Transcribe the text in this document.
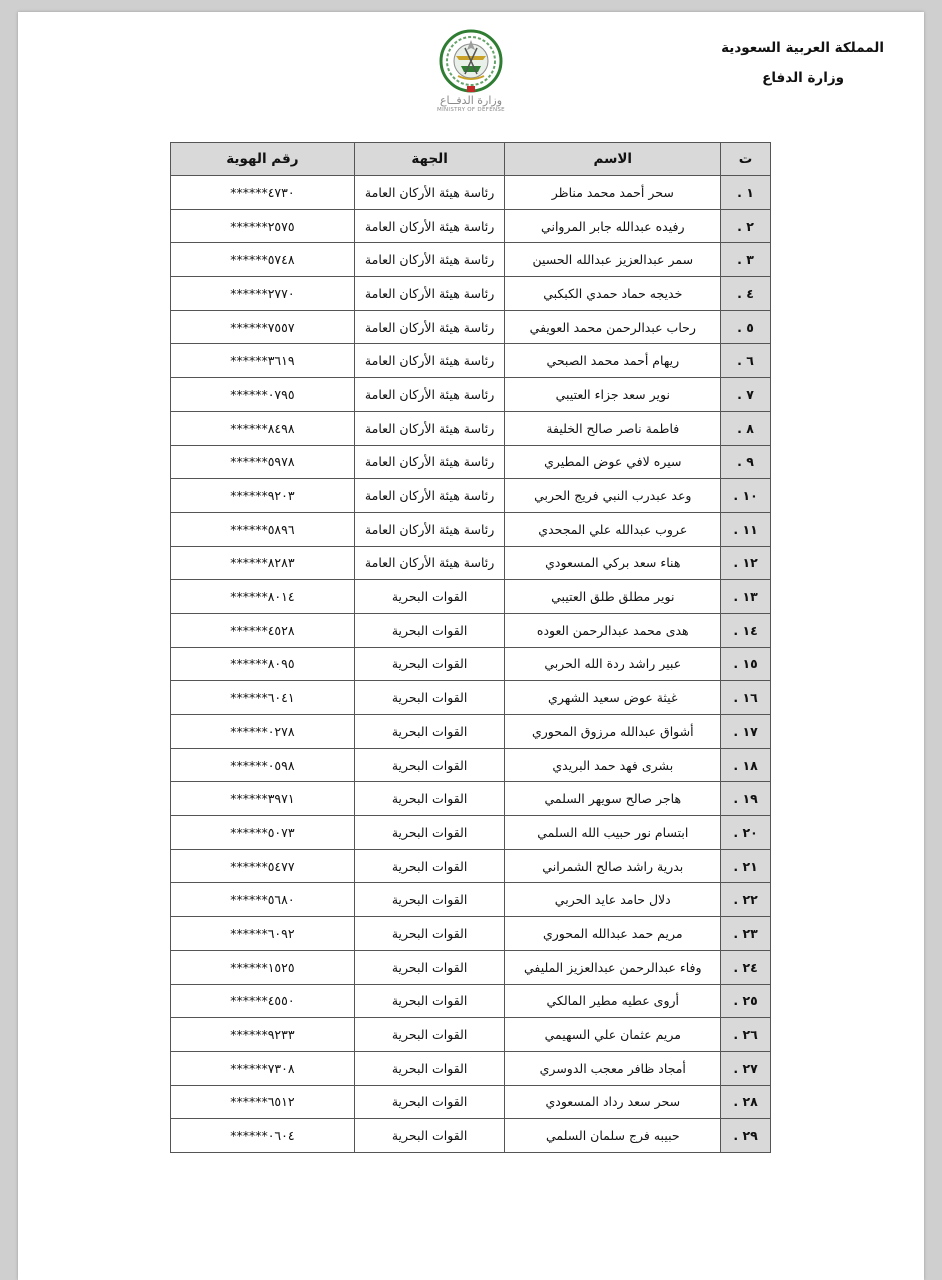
المملكة العربية السعودية
وزارة الدفاع
وزارة الدفــاع
MINISTRY OF DEFENSE
ت	الاسم	الجهة	رقم الهوية
١ .	سحر أحمد محمد مناظر	رئاسة هيئة الأركان العامة	******٤٧٣٠
٢ .	رفيده عبدالله جابر المرواني	رئاسة هيئة الأركان العامة	******٢٥٧٥
٣ .	سمر عبدالعزيز عبدالله الحسين	رئاسة هيئة الأركان العامة	******٥٧٤٨
٤ .	خديجه حماد حمدي الكبكبي	رئاسة هيئة الأركان العامة	******٢٧٧٠
٥ .	رحاب عبدالرحمن محمد العويفي	رئاسة هيئة الأركان العامة	******٧٥٥٧
٦ .	ريهام أحمد محمد الصبحي	رئاسة هيئة الأركان العامة	******٣٦١٩
٧ .	نوير سعد جزاء العتيبي	رئاسة هيئة الأركان العامة	******٠٧٩٥
٨ .	فاطمة ناصر صالح الخليفة	رئاسة هيئة الأركان العامة	******٨٤٩٨
٩ .	سيره لافي عوض المطيري	رئاسة هيئة الأركان العامة	******٥٩٧٨
١٠ .	وعد عبدرب النبي فريج الحربي	رئاسة هيئة الأركان العامة	******٩٢٠٣
١١ .	عروب عبدالله علي المجحدي	رئاسة هيئة الأركان العامة	******٥٨٩٦
١٢ .	هناء سعد بركي المسعودي	رئاسة هيئة الأركان العامة	******٨٢٨٣
١٣ .	نوير مطلق طلق العتيبي	القوات البحرية	******٨٠١٤
١٤ .	هدى محمد عبدالرحمن العوده	القوات البحرية	******٤٥٢٨
١٥ .	عبير راشد ردة الله الحربي	القوات البحرية	******٨٠٩٥
١٦ .	غيثة عوض سعيد الشهري	القوات البحرية	******٦٠٤١
١٧ .	أشواق عبدالله مرزوق المحوري	القوات البحرية	******٠٢٧٨
١٨ .	بشرى فهد حمد البريدي	القوات البحرية	******٠٥٩٨
١٩ .	هاجر صالح سويهر السلمي	القوات البحرية	******٣٩٧١
٢٠ .	ابتسام نور حبيب الله السلمي	القوات البحرية	******٥٠٧٣
٢١ .	بدرية راشد صالح الشمراني	القوات البحرية	******٥٤٧٧
٢٢ .	دلال حامد عايد الحربي	القوات البحرية	******٥٦٨٠
٢٣ .	مريم حمد عبدالله المحوري	القوات البحرية	******٦٠٩٢
٢٤ .	وفاء عبدالرحمن عبدالعزيز المليفي	القوات البحرية	******١٥٢٥
٢٥ .	أروى عطيه مطير المالكي	القوات البحرية	******٤٥٥٠
٢٦ .	مريم عثمان علي السهيمي	القوات البحرية	******٩٢٣٣
٢٧ .	أمجاد ظافر معجب الدوسري	القوات البحرية	******٧٣٠٨
٢٨ .	سحر سعد رداد المسعودي	القوات البحرية	******٦٥١٢
٢٩ .	حبيبه فرج سلمان السلمي	القوات البحرية	******٠٦٠٤
